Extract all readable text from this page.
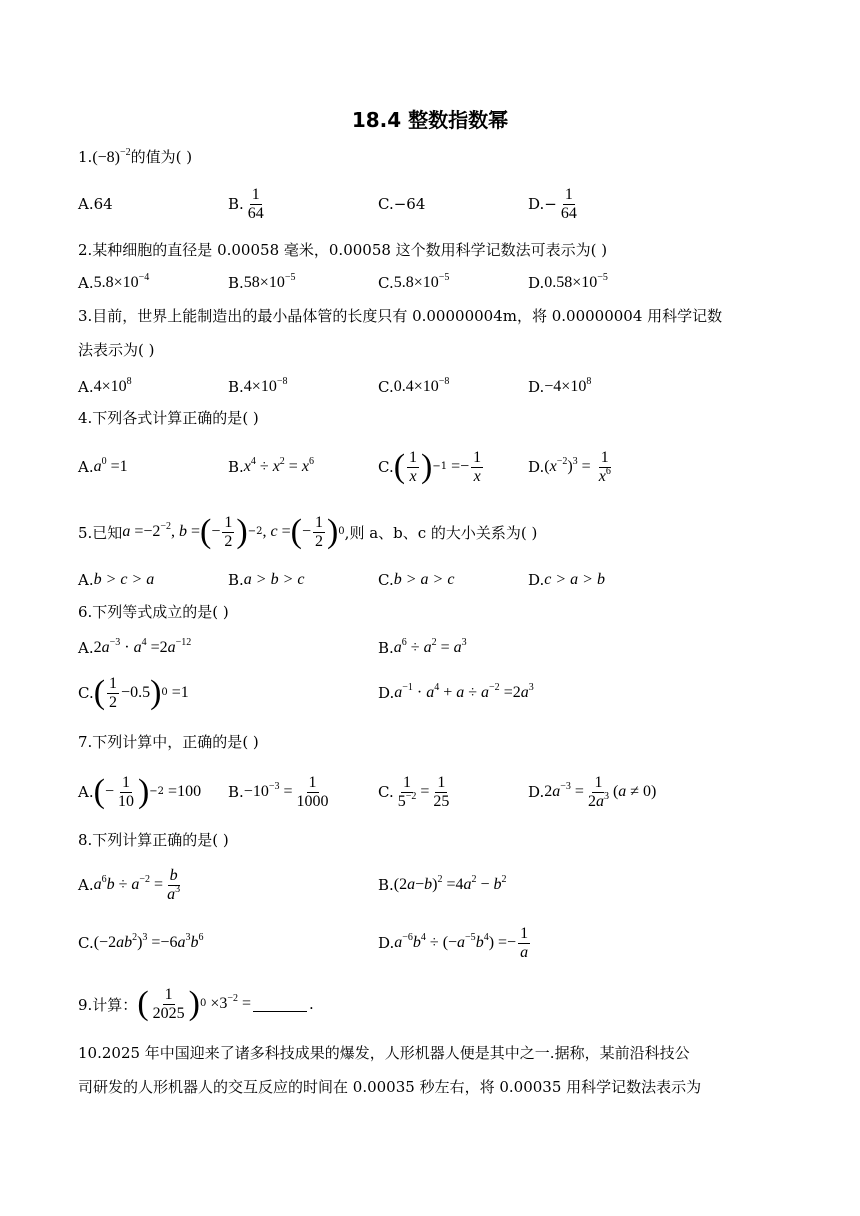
18.4 整数指数幂
$1.(-8)^{-2}$的值为( )
A.64	B. $\frac{1}{64}$	C.−64	$D.- \frac{1}{64}$
2.某种细胞的直径是 0.00058 毫米，0.00058 这个数用科学记数法可表示为( )
A. $5.8\times 10^{-4}$	B. $58\times 10^{-5}$	C. $5.8\times 10^{-5}$	D. $0.58\times 10^{-5}$
3.目前，世界上能制造出的最小晶体管的长度只有 0.00000004m，将 0.00000004 用科学记数
法表示为( )
A. $4\times 10^8$	B. $4\times 10^{-8}$	C. $0.4\times 10^{-8}$	D. $-4\times 10^8$
4.下列各式计算正确的是( )
A. $a^0 =1$	B. $x^4 \div x^2 = x^6$	C. ( $\frac{1}{x}$ ) $-1 =- \frac{1}{x}$	D. ( $x^{-2}$ )$^3 = \frac{1}{x^6}$
5.已知 $a =-2^{-2}$, b = ( − $\frac{1}{2}$ ) −2 , c = ( − $\frac{1}{2}$ ) 0 ,则 a、b、c 的大小关系为( )
A. b > c > a	B. a > b > c	C. b > a > c	D. c > a > b
6.下列等式成立的是( )
A. 2 $a^{-3} \cdot a^4 =2$ $a^{-12}$	B. $a^6 \div a^2 = a^3$
C. ( $\frac{1}{2} -0.5$ ) 0 =1	D. $a^{-1} \cdot a^4 + a \div a^{-2} =2$ $a^3$
7.下列计算中，正确的是( )
A. ( − $\frac{1}{10}$ ) −2 =100 B. $-10^{-3} = \frac{1}{1000}$	C. $\frac{1}{5^{-2}} = \frac{1}{25}$	D. 2 $a^{-3} = \frac{1}{2a^3}$ ( a ≠ 0)
8.下列计算正确的是( )
A. $a^6b \div a^{-2} = \frac{b}{a^3}$	B. (2 a − b )$^2$ =4 $a^2 - b^2$
C. (−2 $ab^2$ )$^3$ =−6 $a^3b^6$	D. $a^{-6}b^4$ ÷ (− $a^{-5}b^4$ ) =− $\frac{1}{a}$
9.计算： ( $\frac{1}{2025}$ ) $0 \times 3^{-2}$ =	.
10.2025 年中国迎来了诸多科技成果的爆发，人形机器人便是其中之一.据称，某前沿科技公
司研发的人形机器人的交互反应的时间在 0.00035 秒左右，将 0.00035 用科学记数法表示为
